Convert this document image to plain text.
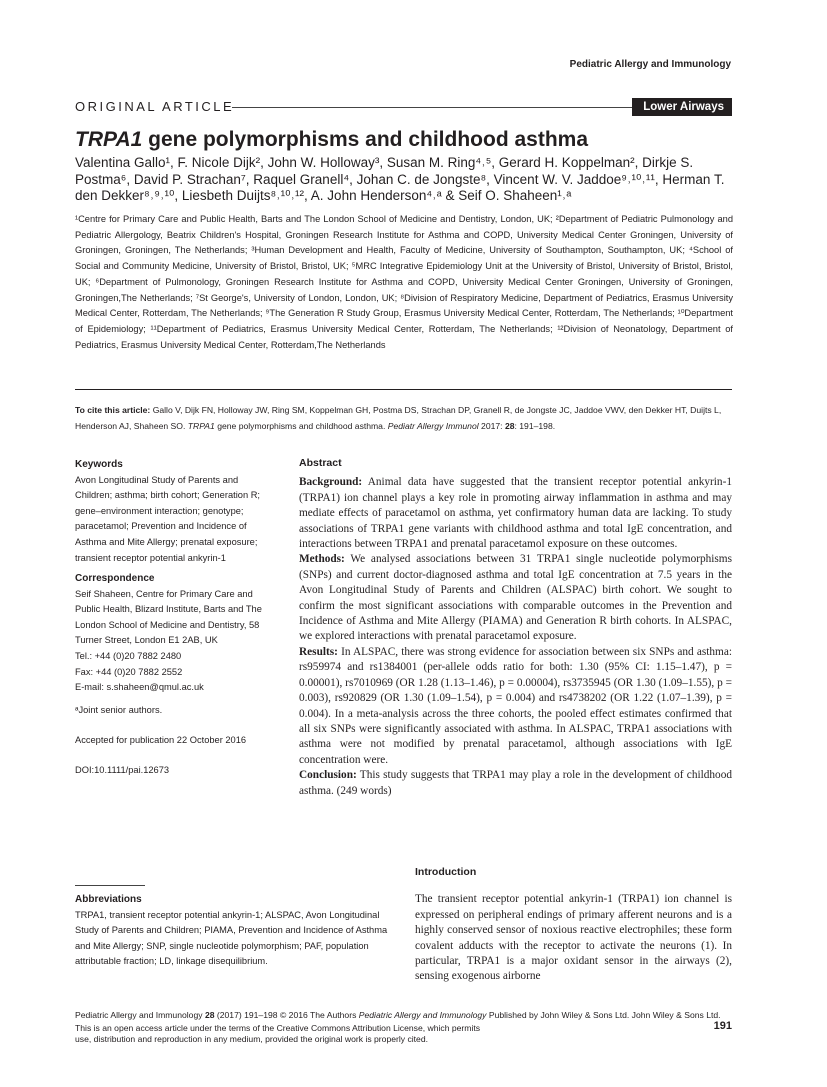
Pediatric Allergy and Immunology
ORIGINAL ARTICLE	Lower Airways
TRPA1 gene polymorphisms and childhood asthma
Valentina Gallo¹, F. Nicole Dijk², John W. Holloway³, Susan M. Ring⁴˒⁵, Gerard H. Koppelman², Dirkje S. Postma⁶, David P. Strachan⁷, Raquel Granell⁴, Johan C. de Jongste⁸, Vincent W. V. Jaddoe⁹˒¹⁰˒¹¹, Herman T. den Dekker⁸˒⁹˒¹⁰, Liesbeth Duijts⁸˒¹⁰˒¹², A. John Henderson⁴˒ᵃ & Seif O. Shaheen¹˒ᵃ
¹Centre for Primary Care and Public Health, Barts and The London School of Medicine and Dentistry, London, UK; ²Department of Pediatric Pulmonology and Pediatric Allergology, Beatrix Children's Hospital, Groningen Research Institute for Asthma and COPD, University Medical Center Groningen, University of Groningen, Groningen, The Netherlands; ³Human Development and Health, Faculty of Medicine, University of Southampton, Southampton, UK; ⁴School of Social and Community Medicine, University of Bristol, Bristol, UK; ⁵MRC Integrative Epidemiology Unit at the University of Bristol, University of Bristol, Bristol, UK; ⁶Department of Pulmonology, Groningen Research Institute for Asthma and COPD, University Medical Center Groningen, University of Groningen, Groningen,The Netherlands; ⁷St George's, University of London, London, UK; ⁸Division of Respiratory Medicine, Department of Pediatrics, Erasmus University Medical Center, Rotterdam, The Netherlands; ⁹The Generation R Study Group, Erasmus University Medical Center, Rotterdam, The Netherlands; ¹⁰Department of Epidemiology; ¹¹Department of Pediatrics, Erasmus University Medical Center, Rotterdam, The Netherlands; ¹²Division of Neonatology, Department of Pediatrics, Erasmus University Medical Center, Rotterdam,The Netherlands
To cite this article: Gallo V, Dijk FN, Holloway JW, Ring SM, Koppelman GH, Postma DS, Strachan DP, Granell R, de Jongste JC, Jaddoe VWV, den Dekker HT, Duijts L, Henderson AJ, Shaheen SO. TRPA1 gene polymorphisms and childhood asthma. Pediatr Allergy Immunol 2017: 28: 191–198.
Keywords
Avon Longitudinal Study of Parents and Children; asthma; birth cohort; Generation R; gene–environment interaction; genotype; paracetamol; Prevention and Incidence of Asthma and Mite Allergy; prenatal exposure; transient receptor potential ankyrin-1
Correspondence
Seif Shaheen, Centre for Primary Care and Public Health, Blizard Institute, Barts and The London School of Medicine and Dentistry, 58 Turner Street, London E1 2AB, UK
Tel.: +44 (0)20 7882 2480
Fax: +44 (0)20 7882 2552
E-mail: s.shaheen@qmul.ac.uk
ᵃJoint senior authors.
Accepted for publication 22 October 2016
DOI:10.1111/pai.12673
Abstract
Background: Animal data have suggested that the transient receptor potential ankyrin-1 (TRPA1) ion channel plays a key role in promoting airway inflammation in asthma and may mediate effects of paracetamol on asthma, yet confirmatory human data are lacking. To study associations of TRPA1 gene variants with childhood asthma and total IgE concentration, and interactions between TRPA1 and prenatal paracetamol exposure on these outcomes.
Methods: We analysed associations between 31 TRPA1 single nucleotide polymorphisms (SNPs) and current doctor-diagnosed asthma and total IgE concentration at 7.5 years in the Avon Longitudinal Study of Parents and Children (ALSPAC) birth cohort. We sought to confirm the most significant associations with comparable outcomes in the Prevention and Incidence of Asthma and Mite Allergy (PIAMA) and Generation R birth cohorts. In ALSPAC, we explored interactions with prenatal paracetamol exposure.
Results: In ALSPAC, there was strong evidence for association between six SNPs and asthma: rs959974 and rs1384001 (per-allele odds ratio for both: 1.30 (95% CI: 1.15–1.47), p = 0.00001), rs7010969 (OR 1.28 (1.13–1.46), p = 0.00004), rs3735945 (OR 1.30 (1.09–1.55), p = 0.003), rs920829 (OR 1.30 (1.09–1.54), p = 0.004) and rs4738202 (OR 1.22 (1.07–1.39), p = 0.004). In a meta-analysis across the three cohorts, the pooled effect estimates confirmed that all six SNPs were significantly associated with asthma. In ALSPAC, TRPA1 associations with asthma were not modified by prenatal paracetamol, although associations with IgE concentration were.
Conclusion: This study suggests that TRPA1 may play a role in the development of childhood asthma. (249 words)
Abbreviations
TRPA1, transient receptor potential ankyrin-1; ALSPAC, Avon Longitudinal Study of Parents and Children; PIAMA, Prevention and Incidence of Asthma and Mite Allergy; SNP, single nucleotide polymorphism; PAF, population attributable fraction; LD, linkage disequilibrium.
Introduction
The transient receptor potential ankyrin-1 (TRPA1) ion channel is expressed on peripheral endings of primary afferent neurons and is a highly conserved sensor of noxious reactive electrophiles; these form covalent adducts with the receptor to activate the neurons (1). In particular, TRPA1 is a major oxidant sensor in the airways (2), sensing exogenous airborne
Pediatric Allergy and Immunology 28 (2017) 191–198 © 2016 The Authors Pediatric Allergy and Immunology Published by John Wiley & Sons Ltd. John Wiley & Sons Ltd.
This is an open access article under the terms of the Creative Commons Attribution License, which permits use, distribution and reproduction in any medium, provided the original work is properly cited.
191
